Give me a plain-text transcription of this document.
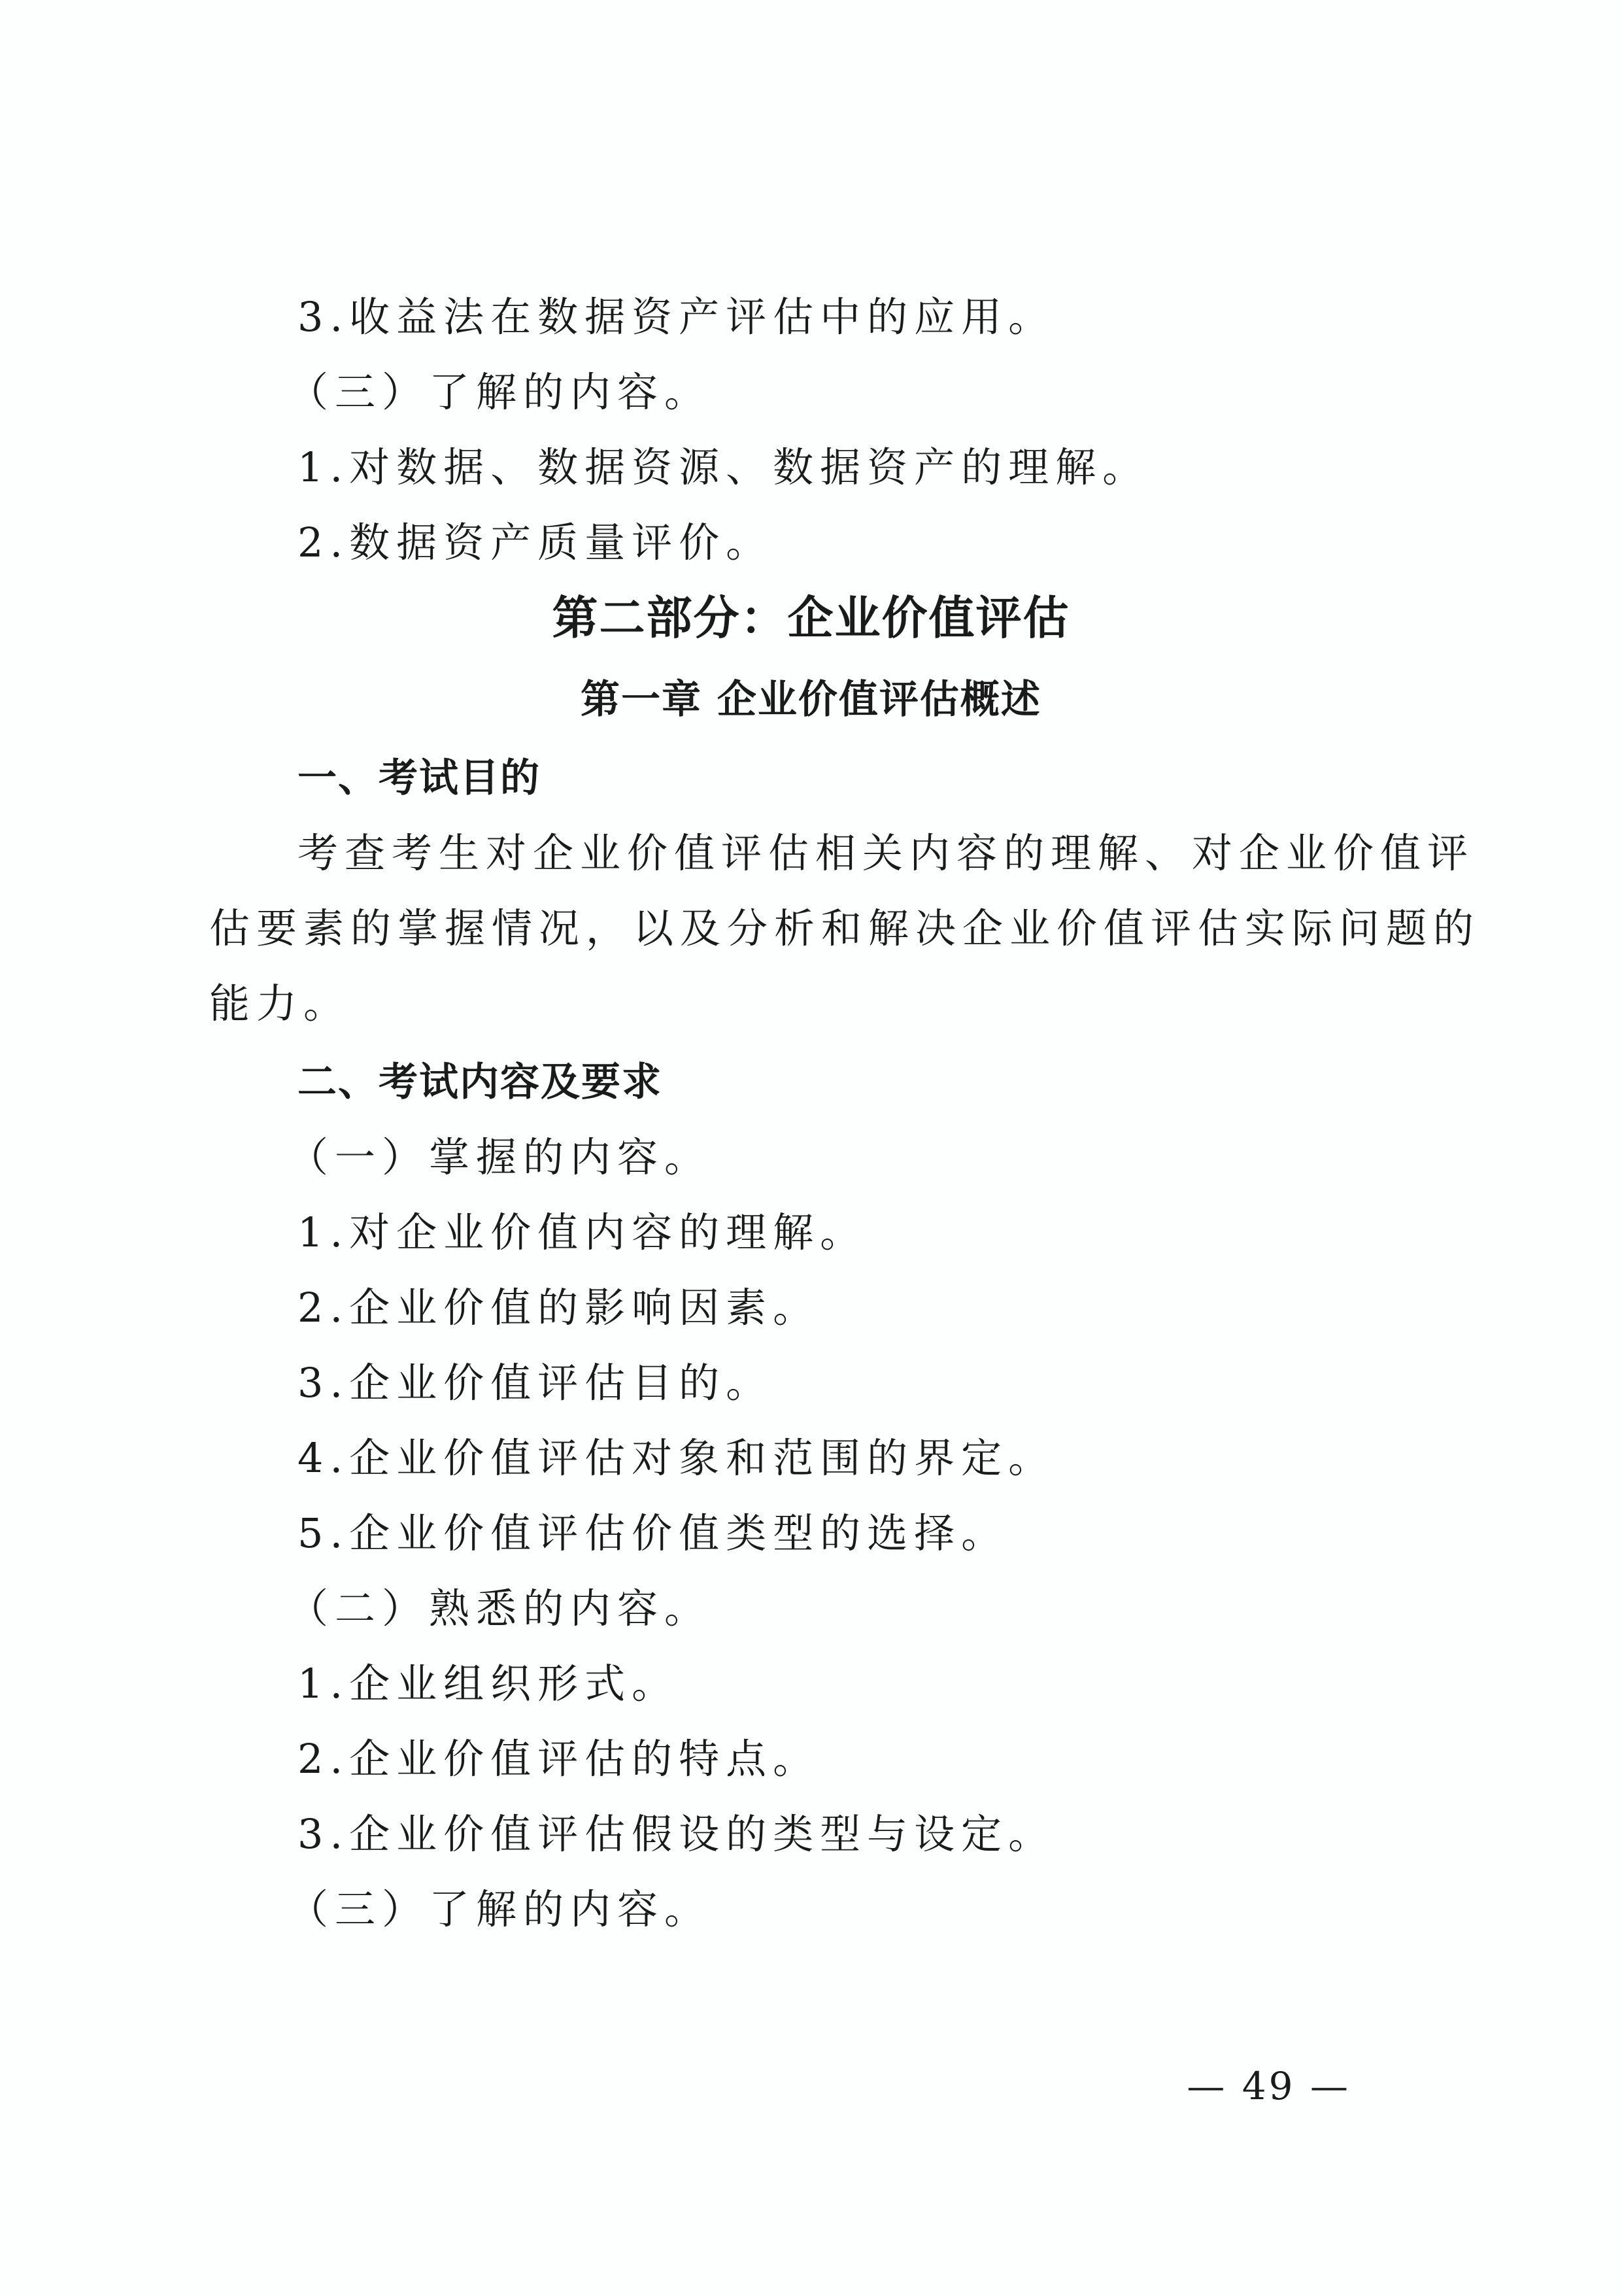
3.收益法在数据资产评估中的应用。
（三）了解的内容。
1.对数据、数据资源、数据资产的理解。
2.数据资产质量评价。
第二部分：企业价值评估
第一章 企业价值评估概述
一、考试目的
考查考生对企业价值评估相关内容的理解、对企业价值评
估要素的掌握情况，以及分析和解决企业价值评估实际问题的
能力。
二、考试内容及要求
（一）掌握的内容。
1.对企业价值内容的理解。
2.企业价值的影响因素。
3.企业价值评估目的。
4.企业价值评估对象和范围的界定。
5.企业价值评估价值类型的选择。
（二）熟悉的内容。
1.企业组织形式。
2.企业价值评估的特点。
3.企业价值评估假设的类型与设定。
（三）了解的内容。
— 49 —
